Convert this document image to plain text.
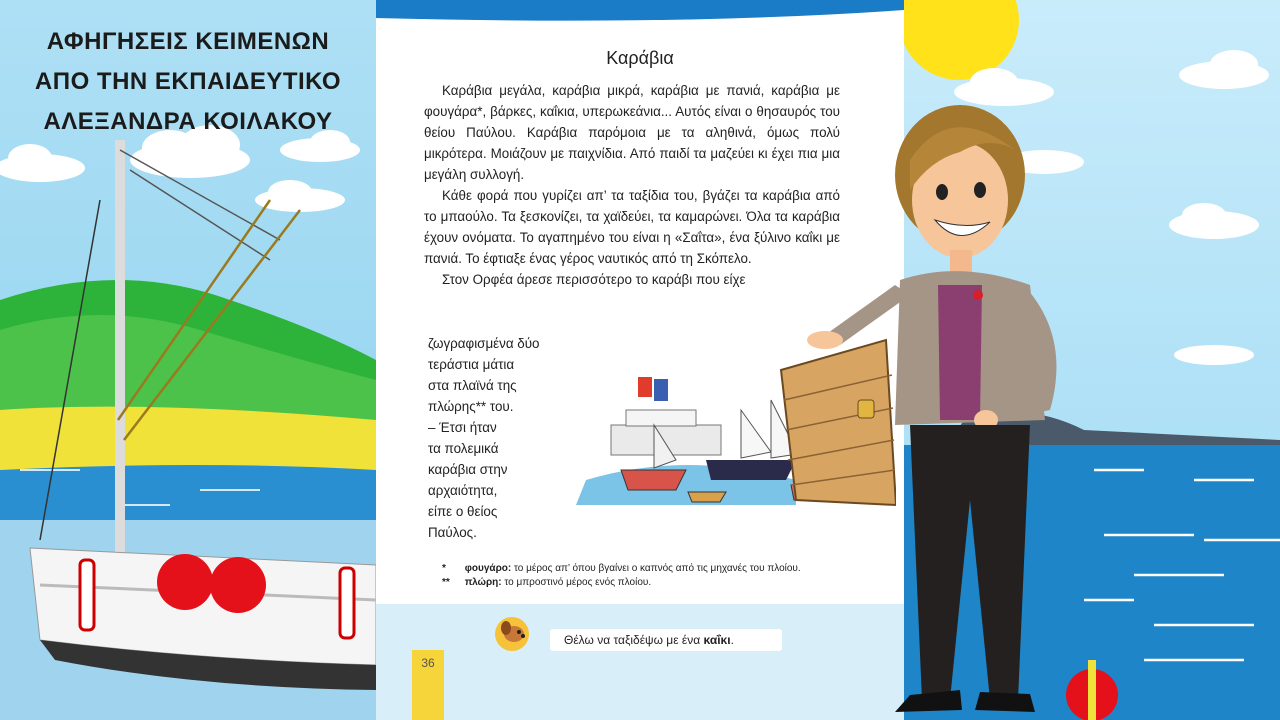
ΑΦΗΓΗΣΕΙΣ ΚΕΙΜΕΝΩΝ
ΑΠΟ ΤΗΝ ΕΚΠΑΙΔΕΥΤΙΚΟ
ΑΛΕΞΑΝΔΡΑ ΚΟΙΛΑΚΟΥ
Καράβια

Καράβια μεγάλα, καράβια μικρά, καράβια με πανιά, καράβια με φουγάρα*, βάρκες, καΐκια, υπερωκεάνια... Αυτός είναι ο θησαυρός του θείου Παύλου. Καράβια παρόμοια με τα αληθινά, όμως πολύ μικρότερα. Μοιάζουν με παιχνίδια. Από παιδί τα μαζεύει κι έχει πια μια μεγάλη συλλογή.

Κάθε φορά που γυρίζει απ’ τα ταξίδια του, βγάζει τα καράβια από το μπαούλο. Τα ξεσκονίζει, τα χαϊδεύει, τα καμαρώνει. Όλα τα καράβια έχουν ονόματα. Το αγαπημένο του είναι η «Σαΐτα», ένα ξύλινο καΐκι με πανιά. Το έφτιαξε ένας γέρος ναυτικός από τη Σκόπελο.

Στον Ορφέα άρεσε περισσότερο το καράβι που είχε

* φουγάρο: το μέρος απ’ όπου βγαίνει ο καπνός από τις μηχανές του πλοίου.
** πλώρη: το μπροστινό μέρος ενός πλοίου.
ζωγραφισμένα δύο
τεράστια μάτια
στα πλαϊνά της
πλώρης** του.
– Έτσι ήταν
τα πολεμικά
καράβια στην
αρχαιότητα,
είπε ο θείος
Παύλος.
36
Θέλω να ταξιδέψω με ένα καΐκι.
